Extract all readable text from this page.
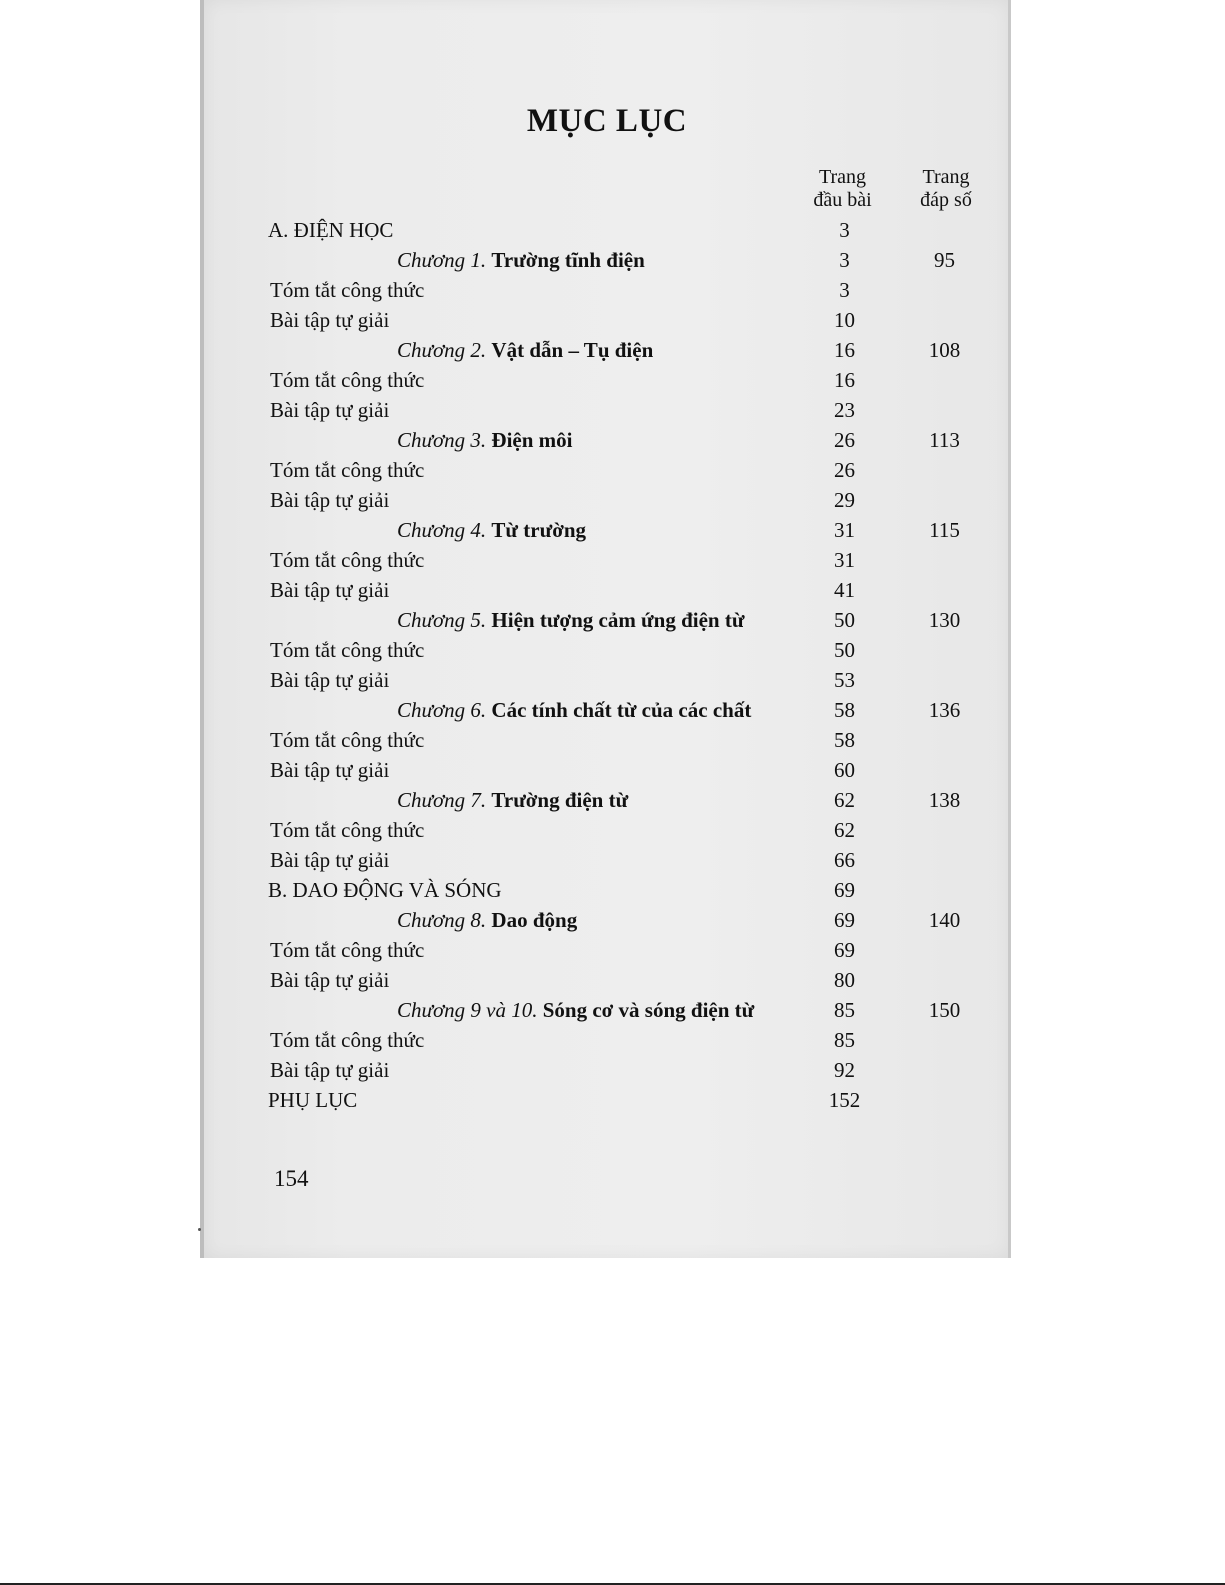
MỤC LỤC
Trang đầu bài
Trang đáp số
A. ĐIỆN HỌC	3
Chương 1. Trường tĩnh điện	3	95
Tóm tắt công thức	3
Bài tập tự giải	10
Chương 2. Vật dẫn – Tụ điện	16	108
Tóm tắt công thức	16
Bài tập tự giải	23
Chương 3. Điện môi	26	113
Tóm tắt công thức	26
Bài tập tự giải	29
Chương 4. Từ trường	31	115
Tóm tắt công thức	31
Bài tập tự giải	41
Chương 5. Hiện tượng cảm ứng điện từ	50	130
Tóm tắt công thức	50
Bài tập tự giải	53
Chương 6. Các tính chất từ của các chất	58	136
Tóm tắt công thức	58
Bài tập tự giải	60
Chương 7. Trường điện từ	62	138
Tóm tắt công thức	62
Bài tập tự giải	66
B. DAO ĐỘNG VÀ SÓNG	69
Chương 8. Dao động	69	140
Tóm tắt công thức	69
Bài tập tự giải	80
Chương 9 và 10. Sóng cơ và sóng điện từ	85	150
Tóm tắt công thức	85
Bài tập tự giải	92
PHỤ LỤC	152
154
